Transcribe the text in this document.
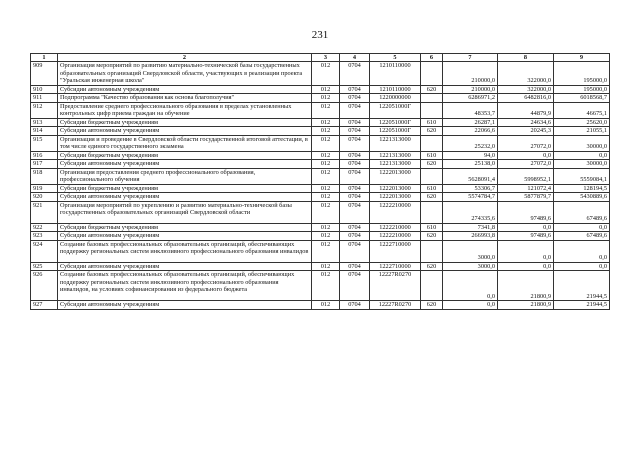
231
1	2	3	4	5	6	7	8	9
909	Организация мероприятий по развитию материально-технической базы государственных образовательных организаций Свердловской области, участвующих в реализации проекта "Уральская инженерная школа"	012	0704	1210110000		210000,0	322000,0	195000,0
910	Субсидии автономным учреждениям	012	0704	1210110000	620	210000,0	322000,0	195000,0
911	Подпрограмма "Качество образования как основа благополучия"	012	0704	1220000000		6286971,2	6482816,0	6018568,7
912	Предоставление среднего профессионального образования в пределах установленных контрольных цифр приема граждан на обучение	012	0704	122051000Г		48353,7	44879,9	46675,1
913	Субсидии бюджетным учреждениям	012	0704	122051000Г	610	26287,1	24634,6	25620,0
914	Субсидии автономным учреждениям	012	0704	122051000Г	620	22066,6	20245,3	21055,1
915	Организация и проведение в Свердловской области государственной итоговой аттестации, в том числе единого государственного экзамена	012	0704	1221313000		25232,0	27072,0	30000,0
916	Субсидии бюджетным учреждениям	012	0704	1221313000	610	94,0	0,0	0,0
917	Субсидии автономным учреждениям	012	0704	1221313000	620	25138,0	27072,0	30000,0
918	Организация предоставления среднего профессионального образования, профессионального обучения	012	0704	1222013000		5628091,4	5998952,1	5559084,1
919	Субсидии бюджетным учреждениям	012	0704	1222013000	610	53306,7	121072,4	128194,5
920	Субсидии автономным учреждениям	012	0704	1222013000	620	5574784,7	5877879,7	5430889,6
921	Организация мероприятий по укреплению и развитию материально-технической базы государственных образовательных организаций Свердловской области	012	0704	1222210000		274335,6	97489,6	67489,6
922	Субсидии бюджетным учреждениям	012	0704	1222210000	610	7341,8	0,0	0,0
923	Субсидии автономным учреждениям	012	0704	1222210000	620	266993,8	97489,6	67489,6
924	Создание базовых профессиональных образовательных организаций, обеспечивающих поддержку региональных систем инклюзивного профессионального образования инвалидов	012	0704	1222710000		3000,0	0,0	0,0
925	Субсидии автономным учреждениям	012	0704	1222710000	620	3000,0	0,0	0,0
926	Создание базовых профессиональных образовательных организаций, обеспечивающих поддержку региональных систем инклюзивного профессионального образования инвалидов, на условиях софинансирования из федерального бюджета	012	0704	12227R0270		0,0	21800,9	21944,5
927	Субсидии автономным учреждениям	012	0704	12227R0270	620	0,0	21800,9	21944,5
